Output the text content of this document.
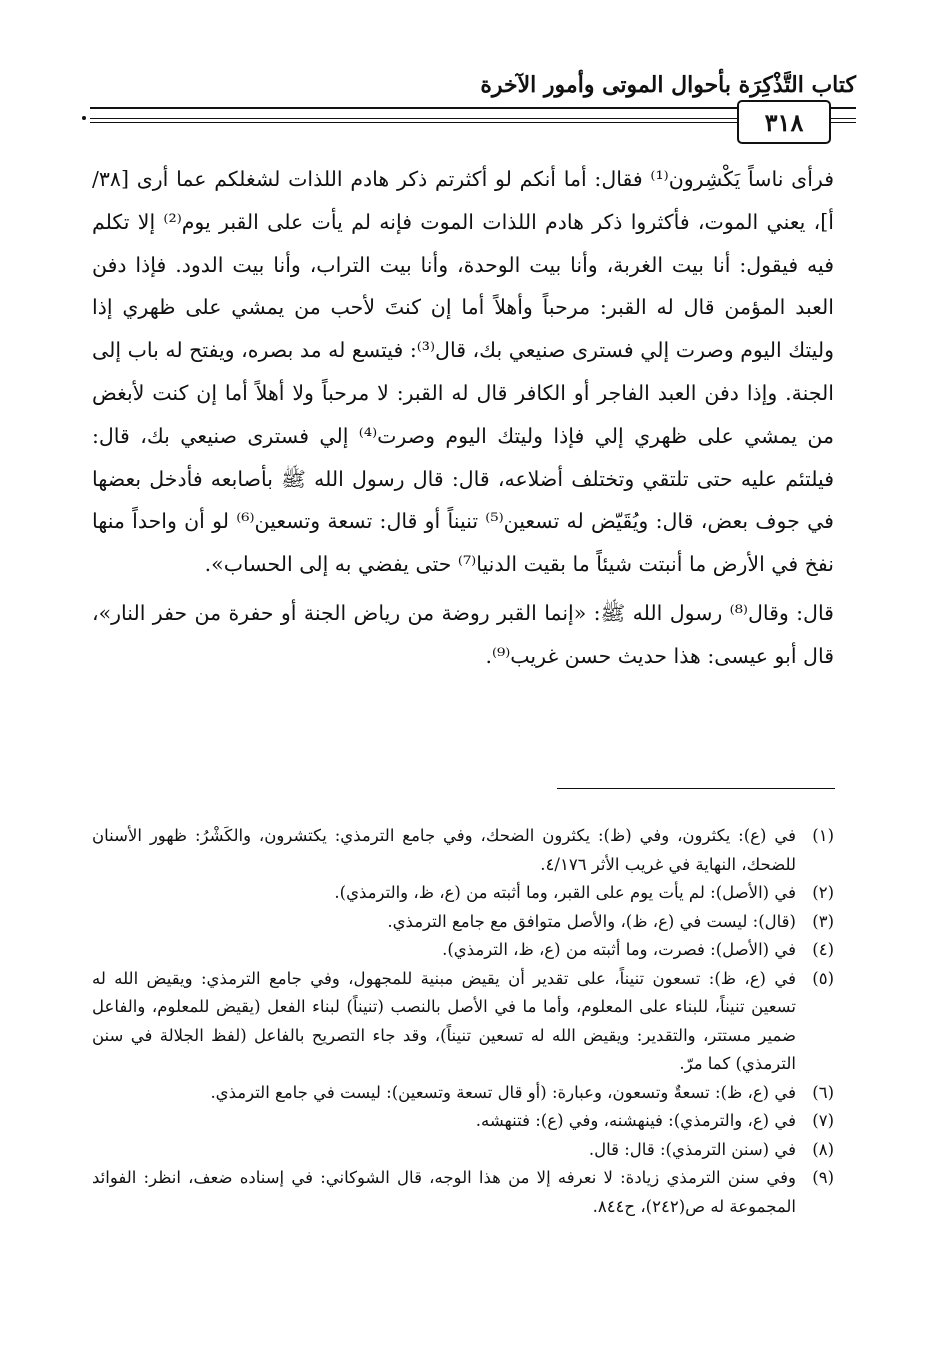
كتاب التَّذْكِرَة بأحوال الموتى وأمور الآخرة
٣١٨

فرأى ناساً يَكْشِرون⁽¹⁾ فقال: أما أنكم لو أكثرتم ذكر هادم اللذات لشغلكم عما أرى [٣٨/أ]، يعني الموت، فأكثروا ذكر هادم اللذات الموت فإنه لم يأت على القبر يوم⁽²⁾ إلا تكلم فيه فيقول: أنا بيت الغربة، وأنا بيت الوحدة، وأنا بيت التراب، وأنا بيت الدود. فإذا دفن العبد المؤمن قال له القبر: مرحباً وأهلاً أما إن كنتَ لأحب من يمشي على ظهري إذا وليتك اليوم وصرت إلي فسترى صنيعي بك، قال⁽³⁾: فيتسع له مد بصره، ويفتح له باب إلى الجنة. وإذا دفن العبد الفاجر أو الكافر قال له القبر: لا مرحباً ولا أهلاً أما إن كنت لأبغض من يمشي على ظهري إلي فإذا وليتك اليوم وصرت⁽⁴⁾ إلي فسترى صنيعي بك، قال: فيلتئم عليه حتى تلتقي وتختلف أضلاعه، قال: قال رسول الله ﷺ بأصابعه فأدخل بعضها في جوف بعض، قال: ويُقَيّض له تسعين⁽⁵⁾ تنيناً أو قال: تسعة وتسعين⁽⁶⁾ لو أن واحداً منها نفخ في الأرض ما أنبتت شيئاً ما بقيت الدنيا⁽⁷⁾ حتى يفضي به إلى الحساب».

قال: وقال⁽⁸⁾ رسول الله ﷺ: «إنما القبر روضة من رياض الجنة أو حفرة من حفر النار»، قال أبو عيسى: هذا حديث حسن غريب⁽⁹⁾.

(١)
في (ع): يكثرون، وفي (ظ): يكثرون الضحك، وفي جامع الترمذي: يكتشرون، والكَشْرُ: ظهور الأسنان للضحك، النهاية في غريب الأثر ٤/١٧٦.
(٢)
في (الأصل): لم يأت يوم على القبر، وما أثبته من (ع، ظ، والترمذي).
(٣)
(قال): ليست في (ع، ظ)، والأصل متوافق مع جامع الترمذي.
(٤)
في (الأصل): فصرت، وما أثبته من (ع، ظ، الترمذي).
(٥)
في (ع، ظ): تسعون تنيناً، على تقدير أن يقيض مبنية للمجهول، وفي جامع الترمذي: ويقيض الله له تسعين تنيناً، للبناء على المعلوم، وأما ما في الأصل بالنصب (تنيناً) لبناء الفعل (يقيض للمعلوم، والفاعل ضمير مستتر، والتقدير: ويقيض الله له تسعين تنيناً)، وقد جاء التصريح بالفاعل (لفظ الجلالة في سنن الترمذي) كما مرّ.
(٦)
في (ع، ظ): تسعةٌ وتسعون، وعبارة: (أو قال تسعة وتسعين): ليست في جامع الترمذي.
(٧)
في (ع، والترمذي): فينهشنه، وفي (ع): فتنهشه.
(٨)
في (سنن الترمذي): قال: قال.
(٩)
وفي سنن الترمذي زيادة: لا نعرفه إلا من هذا الوجه، قال الشوكاني: في إسناده ضعف، انظر: الفوائد المجموعة له ص(٢٤٢)، ح٨٤٤.
